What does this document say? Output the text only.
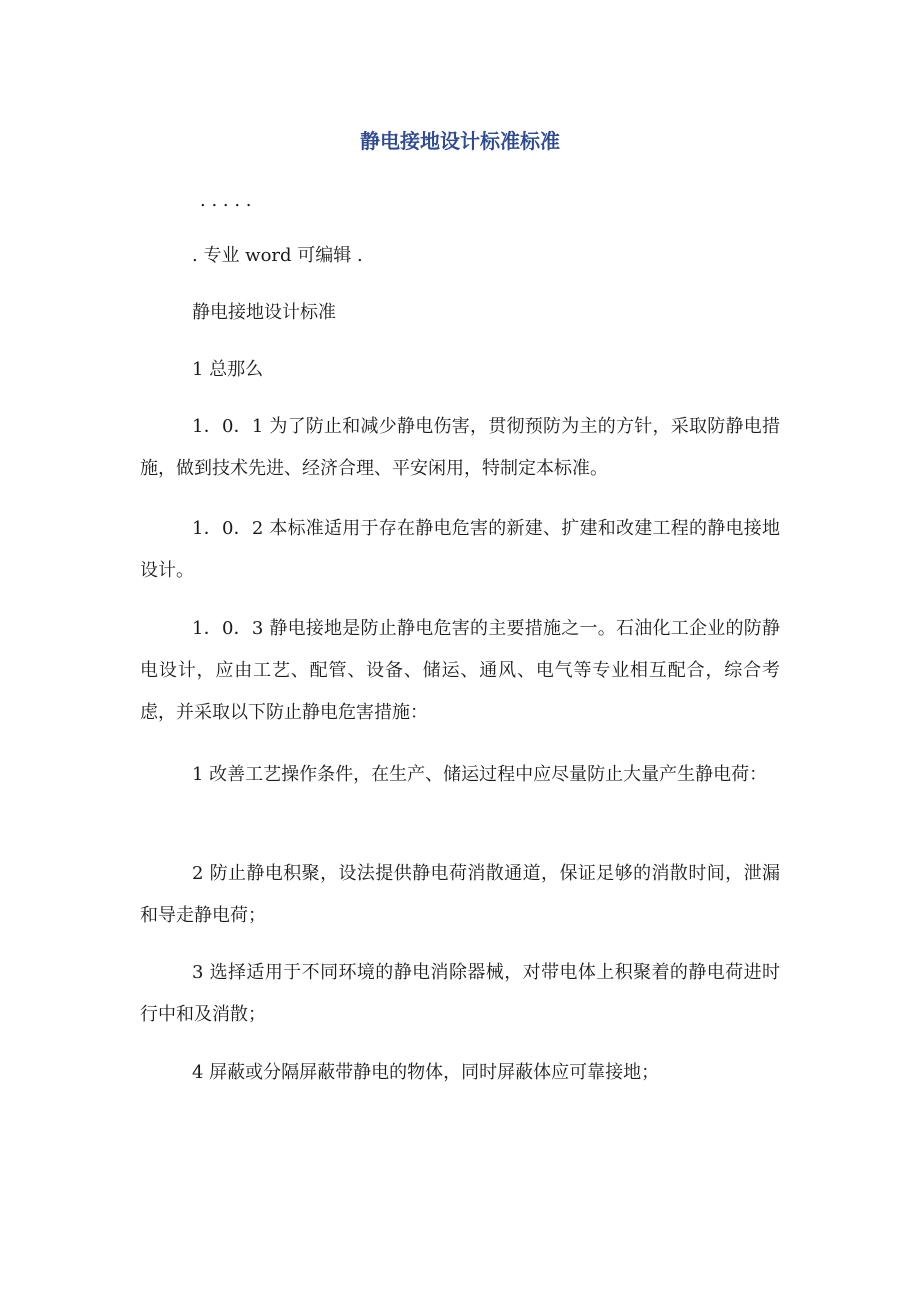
静电接地设计标准标准
. . . . .
. 专业 word 可编辑 .
静电接地设计标准
1 总那么
1．0．1 为了防止和减少静电伤害，贯彻预防为主的方针，采取防静电措施，做到技术先进、经济合理、平安闲用，特制定本标准。
1．0．2 本标准适用于存在静电危害的新建、扩建和改建工程的静电接地设计。
1．0．3 静电接地是防止静电危害的主要措施之一。石油化工企业的防静电设计，应由工艺、配管、设备、储运、通风、电气等专业相互配合，综合考虑，并采取以下防止静电危害措施：
1 改善工艺操作条件，在生产、储运过程中应尽量防止大量产生静电荷：
2 防止静电积聚，设法提供静电荷消散通道，保证足够的消散时间，泄漏和导走静电荷；
3 选择适用于不同环境的静电消除器械，对带电体上积聚着的静电荷进时行中和及消散；
4 屏蔽或分隔屏蔽带静电的物体，同时屏蔽体应可靠接地；
